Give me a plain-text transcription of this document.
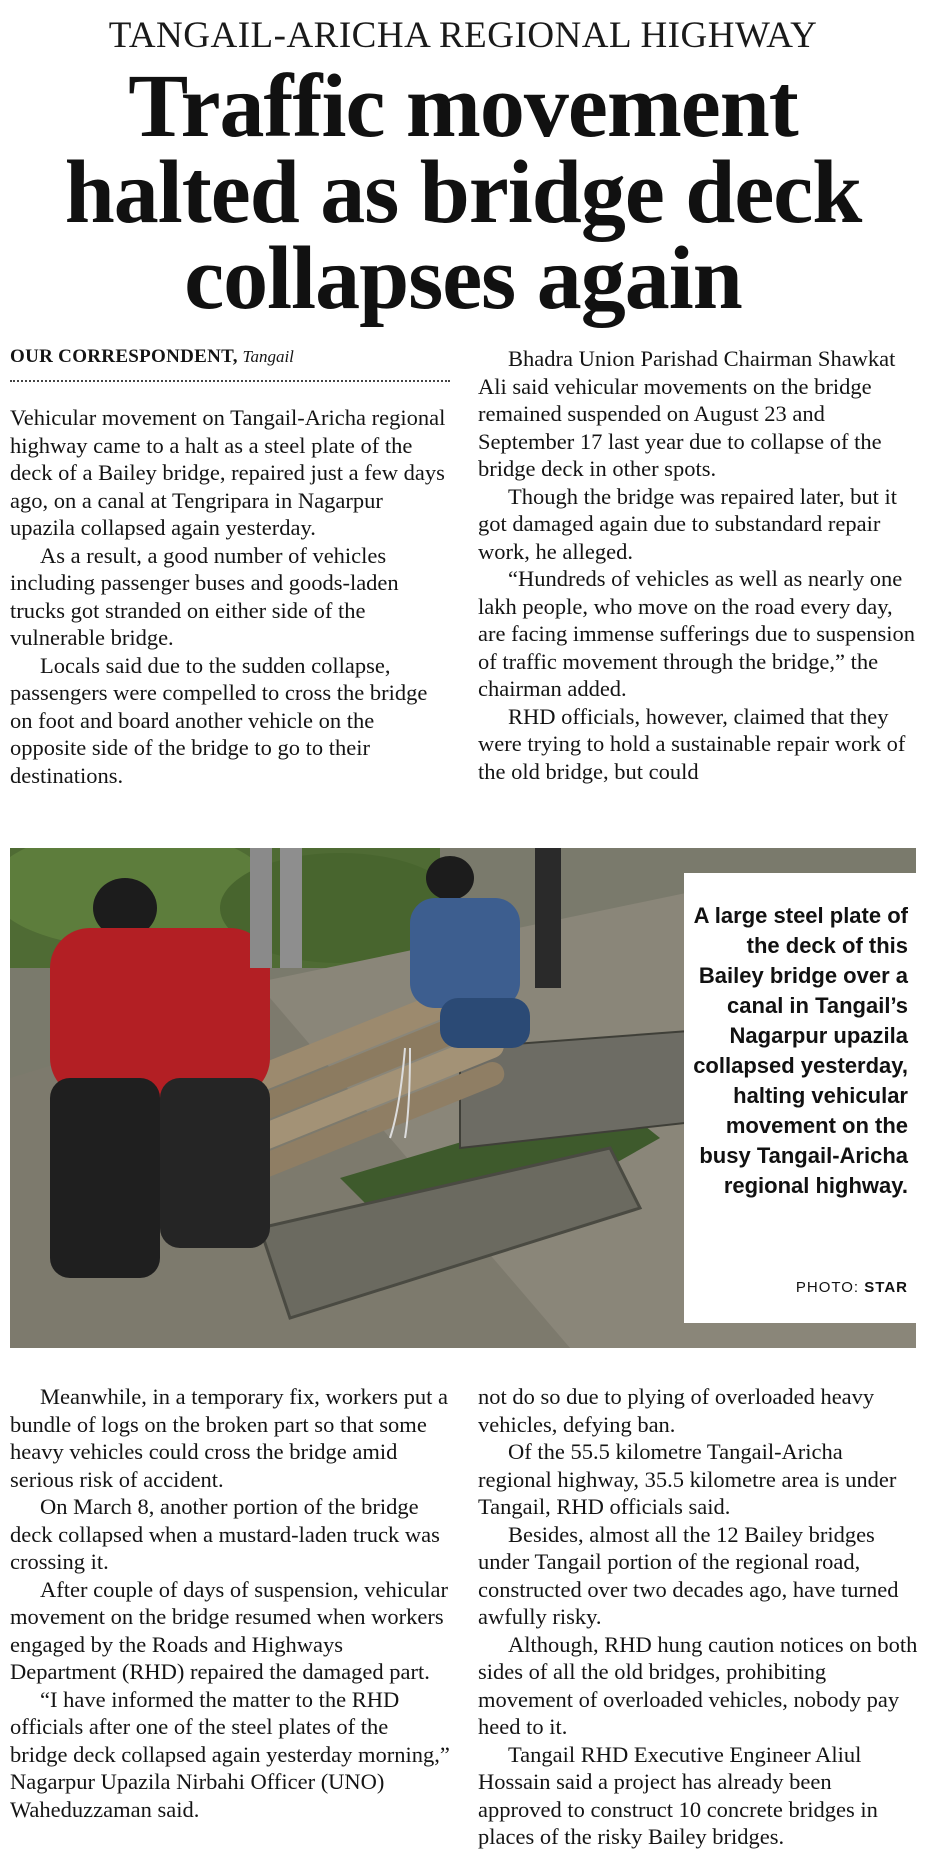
TANGAIL-ARICHA REGIONAL HIGHWAY
Traffic movement
halted as bridge deck
collapses again
OUR CORRESPONDENT, Tangail

Vehicular movement on Tangail-Aricha regional highway came to a halt as a steel plate of the deck of a Bailey bridge, repaired just a few days ago, on a canal at Tengripara in Nagarpur upazila collapsed again yesterday.

As a result, a good number of vehicles including passenger buses and goods-laden trucks got stranded on either side of the vulnerable bridge.

Locals said due to the sudden collapse, passengers were compelled to cross the bridge on foot and board another vehicle on the opposite side of the bridge to go to their destinations.

Bhadra Union Parishad Chairman Shawkat Ali said vehicular movements on the bridge remained suspended on August 23 and September 17 last year due to collapse of the bridge deck in other spots.

Though the bridge was repaired later, but it got damaged again due to substandard repair work, he alleged.

“Hundreds of vehicles as well as nearly one lakh people, who move on the road every day, are facing immense sufferings due to suspension of traffic movement through the bridge,” the chairman added.

RHD officials, however, claimed that they were trying to hold a sustainable repair work of the old bridge, but could

A large steel plate of the deck of this Bailey bridge over a canal in Tangail’s Nagarpur upazila collapsed yesterday, halting vehicular movement on the busy Tangail-Aricha regional highway.
PHOTO: STAR

Meanwhile, in a temporary fix, workers put a bundle of logs on the broken part so that some heavy vehicles could cross the bridge amid serious risk of accident.

On March 8, another portion of the bridge deck collapsed when a mustard-laden truck was crossing it.

After couple of days of suspension, vehicular movement on the bridge resumed when workers engaged by the Roads and Highways Department (RHD) repaired the damaged part.

“I have informed the matter to the RHD officials after one of the steel plates of the bridge deck collapsed again yesterday morning,” Nagarpur Upazila Nirbahi Officer (UNO) Waheduzzaman said.

not do so due to plying of overloaded heavy vehicles, defying ban.

Of the 55.5 kilometre Tangail-Aricha regional highway, 35.5 kilometre area is under Tangail, RHD officials said.

Besides, almost all the 12 Bailey bridges under Tangail portion of the regional road, constructed over two decades ago, have turned awfully risky.

Although, RHD hung caution notices on both sides of all the old bridges, prohibiting movement of overloaded vehicles, nobody pay heed to it.

Tangail RHD Executive Engineer Aliul Hossain said a project has already been approved to construct 10 concrete bridges in places of the risky Bailey bridges.
